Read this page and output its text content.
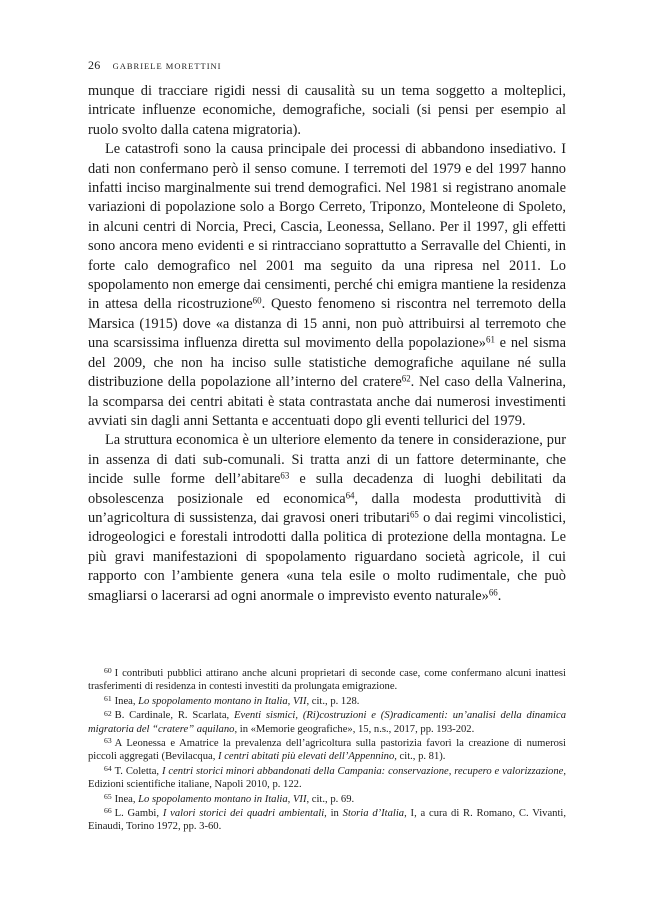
26 GABRIELE MORETTINI

munque di tracciare rigidi nessi di causalità su un tema soggetto a molteplici, intricate influenze economiche, demografiche, sociali (si pensi per esempio al ruolo svolto dalla catena migratoria).

Le catastrofi sono la causa principale dei processi di abbandono insediativo. I dati non confermano però il senso comune. I terremoti del 1979 e del 1997 hanno infatti inciso marginalmente sui trend demografici. Nel 1981 si registrano anomale variazioni di popolazione solo a Borgo Cerreto, Triponzo, Monteleone di Spoleto, in alcuni centri di Norcia, Preci, Cascia, Leonessa, Sellano. Per il 1997, gli effetti sono ancora meno evidenti e si rintracciano soprattutto a Serravalle del Chienti, in forte calo demografico nel 2001 ma seguito da una ripresa nel 2011. Lo spopolamento non emerge dai censimenti, perché chi emigra mantiene la residenza in attesa della ricostruzione$^{60}$. Questo fenomeno si riscontra nel terremoto della Marsica (1915) dove «a distanza di 15 anni, non può attribuirsi al terremoto che una scarsissima influenza diretta sul movimento della popolazione»$^{61}$ e nel sisma del 2009, che non ha inciso sulle statistiche demografiche aquilane né sulla distribuzione della popolazione all’interno del cratere$^{62}$. Nel caso della Valnerina, la scomparsa dei centri abitati è stata contrastata anche dai numerosi investimenti avviati sin dagli anni Settanta e accentuati dopo gli eventi tellurici del 1979.

La struttura economica è un ulteriore elemento da tenere in considerazione, pur in assenza di dati sub-comunali. Si tratta anzi di un fattore determinante, che incide sulle forme dell’abitare$^{63}$ e sulla decadenza di luoghi debilitati da obsolescenza posizionale ed economica$^{64}$, dalla modesta produttività di un’agricoltura di sussistenza, dai gravosi oneri tributari$^{65}$ o dai regimi vincolistici, idrogeologici e forestali introdotti dalla politica di protezione della montagna. Le più gravi manifestazioni di spopolamento riguardano società agricole, il cui rapporto con l’ambiente genera «una tela esile o molto rudimentale, che può smagliarsi o lacerarsi ad ogni anormale o imprevisto evento naturale»$^{66}$.

$^{60}$ I contributi pubblici attirano anche alcuni proprietari di seconde case, come confermano alcuni inattesi trasferimenti di residenza in contesti investiti da prolungata emigrazione.

$^{61}$ Inea, Lo spopolamento montano in Italia, VII, cit., p. 128.

$^{62}$ B. Cardinale, R. Scarlata, Eventi sismici, (Ri)costruzioni e (S)radicamenti: un’analisi della dinamica migratoria del “cratere” aquilano, in «Memorie geografiche», 15, n.s., 2017, pp. 193-202.

$^{63}$ A Leonessa e Amatrice la prevalenza dell’agricoltura sulla pastorizia favorì la creazione di numerosi piccoli aggregati (Bevilacqua, I centri abitati più elevati dell’Appennino, cit., p. 81).

$^{64}$ T. Coletta, I centri storici minori abbandonati della Campania: conservazione, recupero e valorizzazione, Edizioni scientifiche italiane, Napoli 2010, p. 122.

$^{65}$ Inea, Lo spopolamento montano in Italia, VII, cit., p. 69.

$^{66}$ L. Gambi, I valori storici dei quadri ambientali, in Storia d’Italia, I, a cura di R. Romano, C. Vivanti, Einaudi, Torino 1972, pp. 3-60.
